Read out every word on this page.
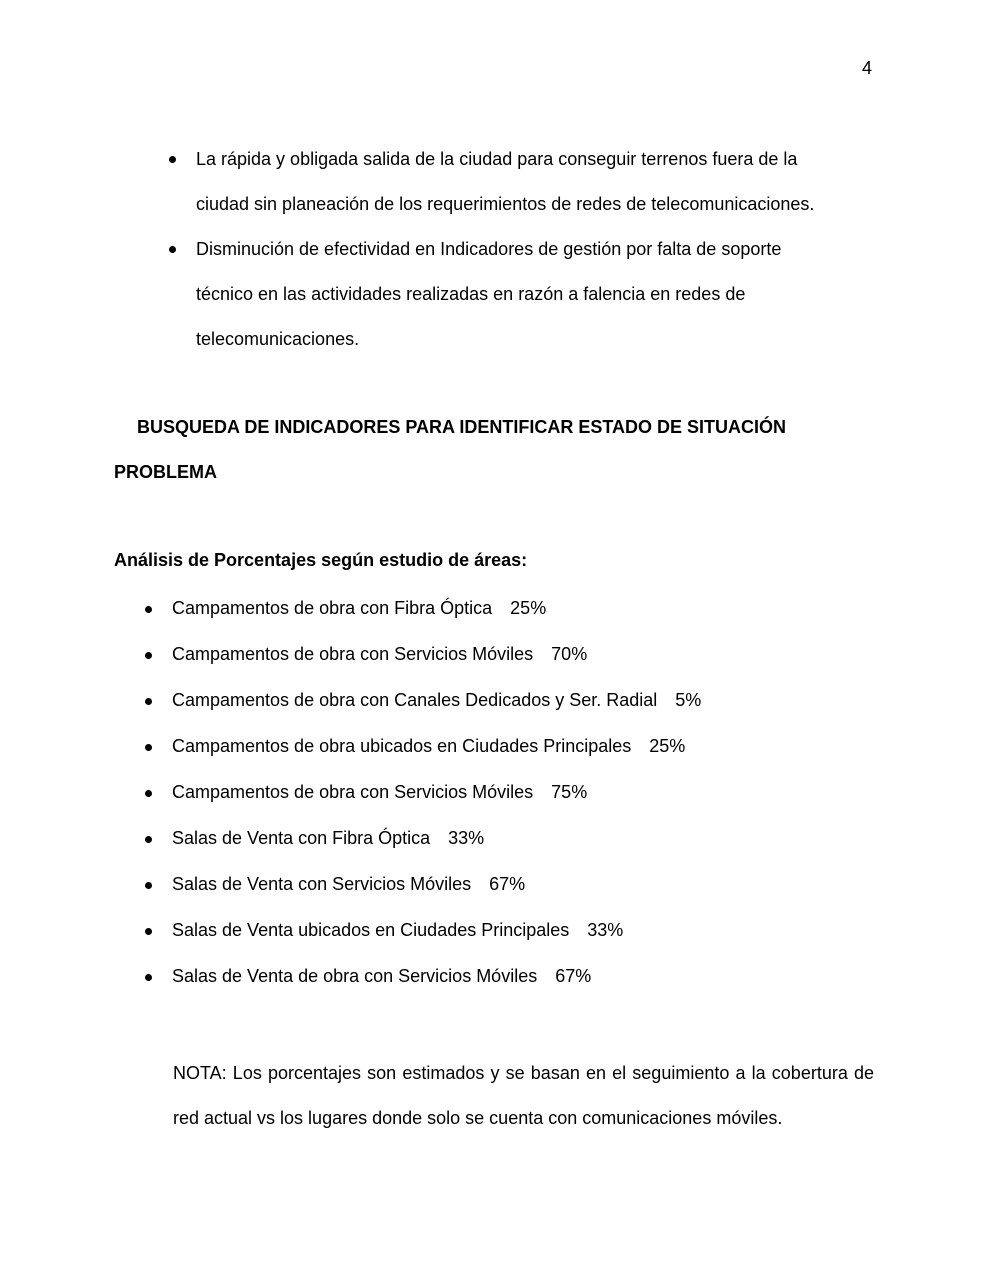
4
La rápida y obligada salida de la ciudad para conseguir terrenos fuera de la
ciudad sin planeación de los requerimientos de redes de telecomunicaciones.
Disminución de efectividad en Indicadores de gestión por falta de soporte
técnico en las actividades realizadas en razón a falencia en redes de
telecomunicaciones.
BUSQUEDA DE INDICADORES PARA IDENTIFICAR ESTADO DE SITUACIÓN
PROBLEMA
Análisis de Porcentajes según estudio de áreas:
Campamentos de obra con Fibra Óptica 25%
Campamentos de obra con Servicios Móviles 70%
Campamentos de obra con Canales Dedicados y Ser. Radial 5%
Campamentos de obra ubicados en Ciudades Principales 25%
Campamentos de obra con Servicios Móviles 75%
Salas de Venta con Fibra Óptica 33%
Salas de Venta con Servicios Móviles 67%
Salas de Venta ubicados en Ciudades Principales 33%
Salas de Venta de obra con Servicios Móviles 67%
NOTA: Los porcentajes son estimados y se basan en el seguimiento a la cobertura de red actual vs los lugares donde solo se cuenta con comunicaciones móviles.
